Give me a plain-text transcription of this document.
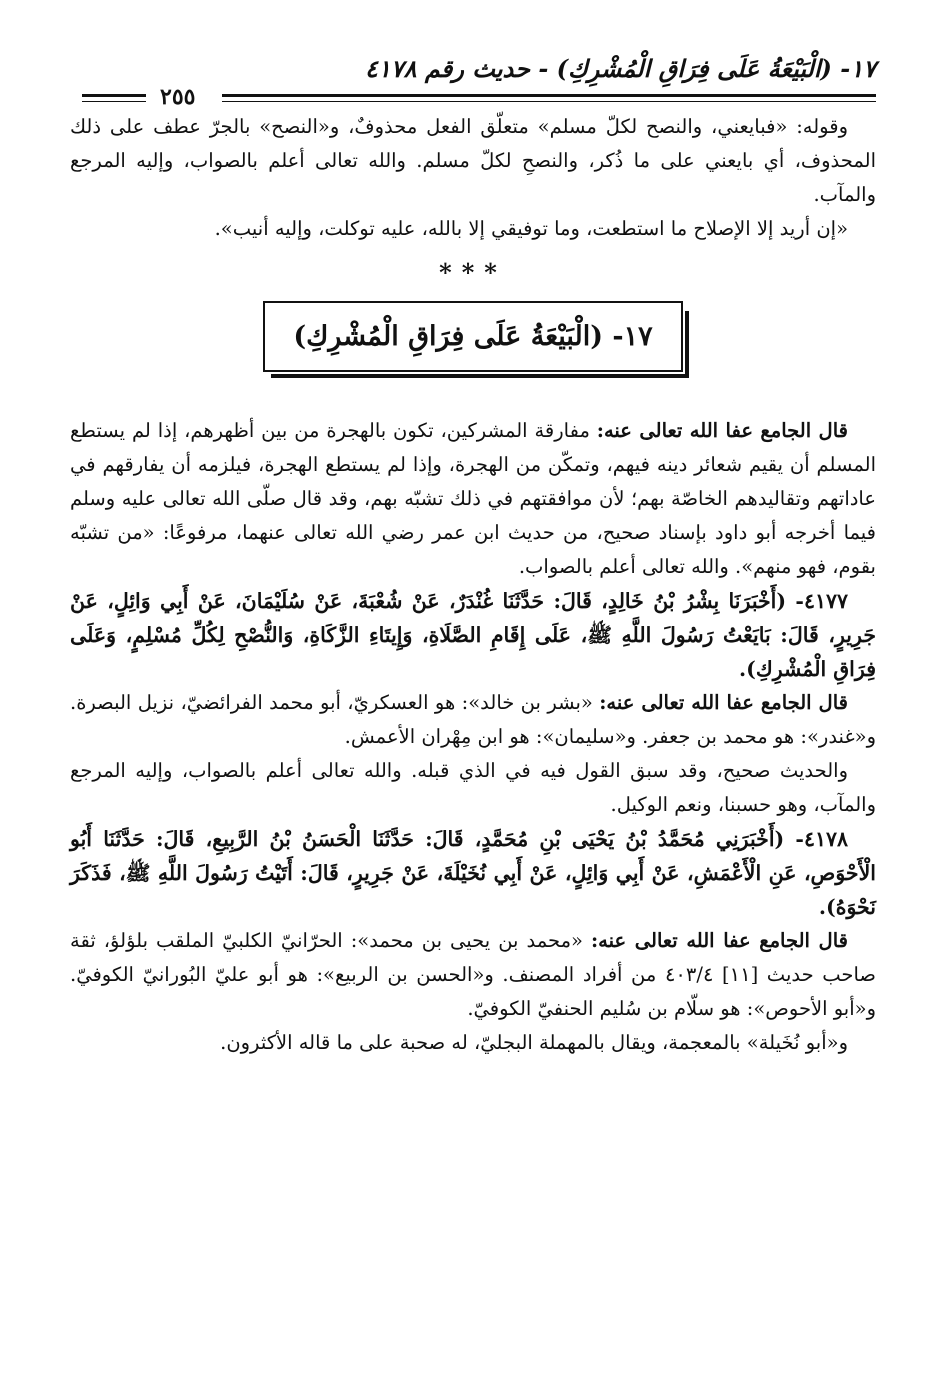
١٧- (الْبَيْعَةُ عَلَى فِرَاقِ الْمُشْرِكِ) - حديث رقم ٤١٧٨
٢٥٥

وقوله: «فبايعني، والنصح لكلّ مسلم» متعلّق الفعل محذوفٌ، و«النصح» بالجرّ عطف على ذلك المحذوف، أي بايعني على ما ذُكر، والنصحِ لكلّ مسلم. والله تعالى أعلم بالصواب، وإليه المرجع والمآب.

«إن أريد إلا الإصلاح ما استطعت، وما توفيقي إلا بالله، عليه توكلت، وإليه أنيب».

***
١٧- (الْبَيْعَةُ عَلَى فِرَاقِ الْمُشْرِكِ)

قال الجامع عفا الله تعالى عنه: مفارقة المشركين، تكون بالهجرة من بين أظهرهم، إذا لم يستطع المسلم أن يقيم شعائر دينه فيهم، وتمكّن من الهجرة، وإذا لم يستطع الهجرة، فيلزمه أن يفارقهم في عاداتهم وتقاليدهم الخاصّة بهم؛ لأن موافقتهم في ذلك تشبّه بهم، وقد قال صلّى الله تعالى عليه وسلم فيما أخرجه أبو داود بإسناد صحيح، من حديث ابن عمر رضي الله تعالى عنهما، مرفوعًا: «من تشبّه بقوم، فهو منهم». والله تعالى أعلم بالصواب.

٤١٧٧- (أَخْبَرَنَا بِشْرُ بْنُ خَالِدٍ، قَالَ: حَدَّثَنَا غُنْدَرٌ، عَنْ شُعْبَةَ، عَنْ سُلَيْمَانَ، عَنْ أَبِي وَائِلٍ، عَنْ جَرِيرٍ، قَالَ: بَايَعْتُ رَسُولَ اللَّهِ ﷺ، عَلَى إِقَامِ الصَّلَاةِ، وَإِيتَاءِ الزَّكَاةِ، وَالنُّصْحِ لِكُلِّ مُسْلِمٍ، وَعَلَى فِرَاقِ الْمُشْرِكِ).

قال الجامع عفا الله تعالى عنه: «بشر بن خالد»: هو العسكريّ، أبو محمد الفرائضيّ، نزيل البصرة. و«غندر»: هو محمد بن جعفر. و«سليمان»: هو ابن مِهْران الأعمش.

والحديث صحيح، وقد سبق القول فيه في الذي قبله. والله تعالى أعلم بالصواب، وإليه المرجع والمآب، وهو حسبنا، ونعم الوكيل.

٤١٧٨- (أَخْبَرَنِي مُحَمَّدُ بْنُ يَحْيَى بْنِ مُحَمَّدٍ، قَالَ: حَدَّثَنَا الْحَسَنُ بْنُ الرَّبِيعِ، قَالَ: حَدَّثَنَا أَبُو الْأَحْوَصِ، عَنِ الْأَعْمَشِ، عَنْ أَبِي وَائِلٍ، عَنْ أَبِي نُخَيْلَةَ، عَنْ جَرِيرٍ، قَالَ: أَتَيْتُ رَسُولَ اللَّهِ ﷺ، فَذَكَرَ نَحْوَهُ).

قال الجامع عفا الله تعالى عنه: «محمد بن يحيى بن محمد»: الحرّانيّ الكلبيّ الملقب بلؤلؤ، ثقة صاحب حديث [١١] ٤٠٣/٤ من أفراد المصنف. و«الحسن بن الربيع»: هو أبو عليّ البُورانيّ الكوفيّ. و«أبو الأحوص»: هو سلّام بن سُليم الحنفيّ الكوفيّ.

و«أبو نُخَيلة» بالمعجمة، ويقال بالمهملة البجليّ، له صحبة على ما قاله الأكثرون.
